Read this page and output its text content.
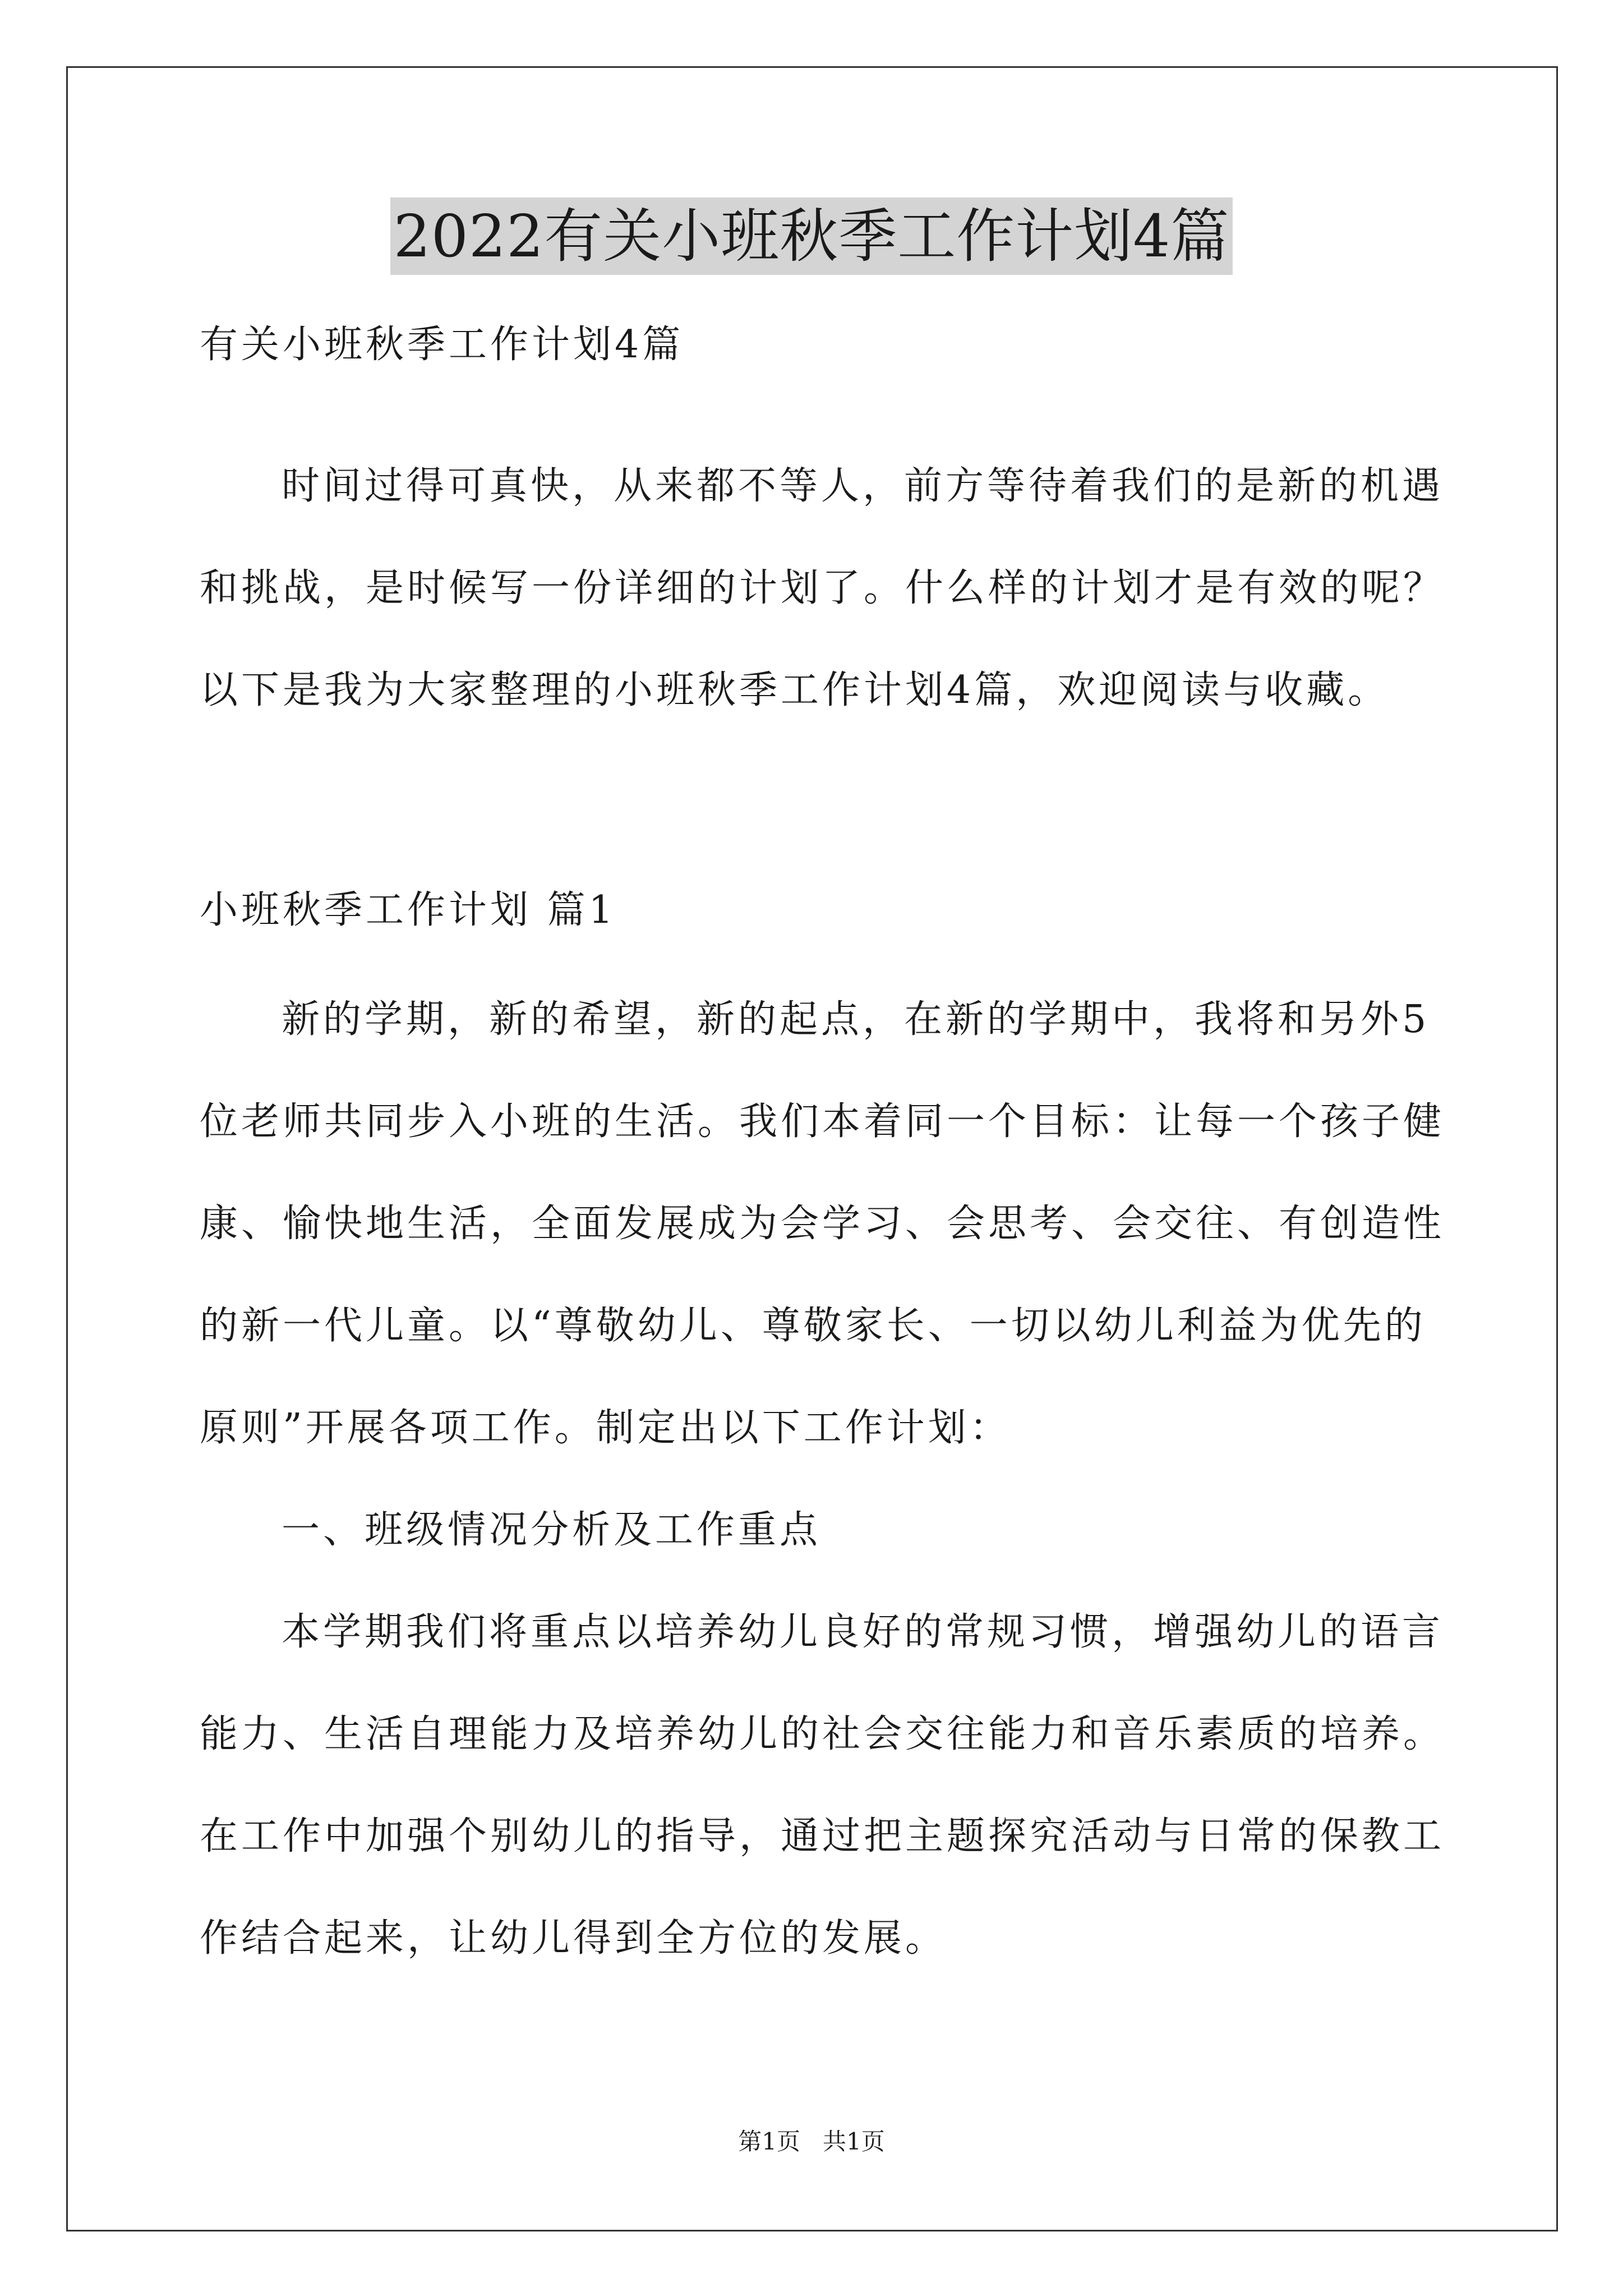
2022有关小班秋季工作计划4篇
有关小班秋季工作计划4篇
时间过得可真快，从来都不等人，前方等待着我们的是新的机遇
和挑战，是时候写一份详细的计划了。什么样的计划才是有效的呢？
以下是我为大家整理的小班秋季工作计划4篇，欢迎阅读与收藏。
小班秋季工作计划 篇1
新的学期，新的希望，新的起点，在新的学期中，我将和另外5
位老师共同步入小班的生活。我们本着同一个目标：让每一个孩子健
康、愉快地生活，全面发展成为会学习、会思考、会交往、有创造性
的新一代儿童。以“尊敬幼儿、尊敬家长、一切以幼儿利益为优先的
原则”开展各项工作。制定出以下工作计划：
一、班级情况分析及工作重点
本学期我们将重点以培养幼儿良好的常规习惯，增强幼儿的语言
能力、生活自理能力及培养幼儿的社会交往能力和音乐素质的培养。
在工作中加强个别幼儿的指导，通过把主题探究活动与日常的保教工
作结合起来，让幼儿得到全方位的发展。
第1页   共1页
